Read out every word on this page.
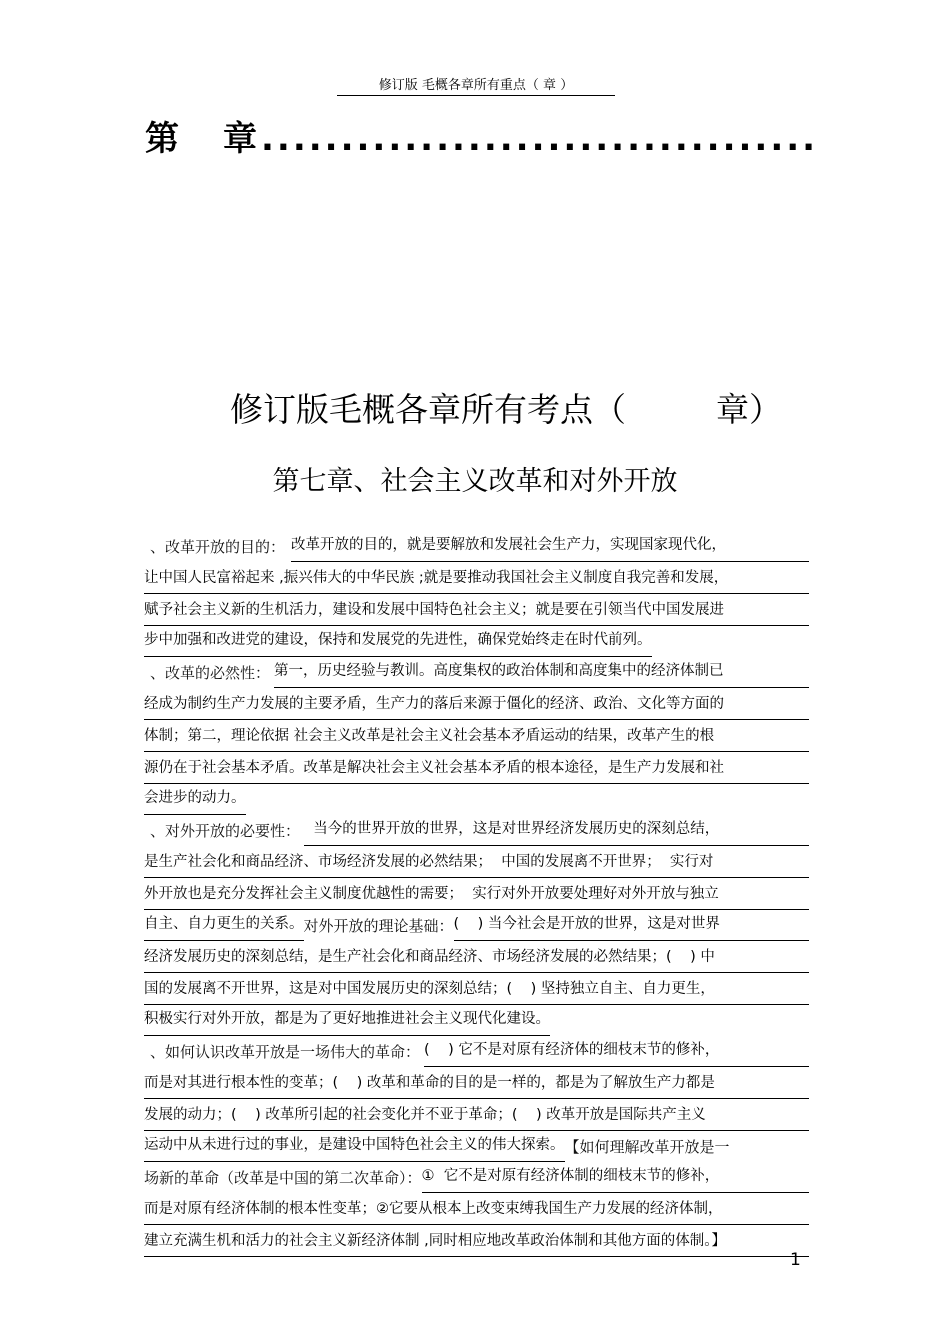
修订版 毛概各章所有重点（ 章 ）
第 章 ...................................
修订版毛概各章所有考点（	章）
第七章、社会主义改革和对外开放
、改革开放的目的： 改革开放的目的，就是要解放和发展社会生产力，实现国家现代化，
让中国人民富裕起来 ,振兴伟大的中华民族 ;就是要推动我国社会主义制度自我完善和发展，
赋予社会主义新的生机活力，建设和发展中国特色社会主义；就是要在引领当代中国发展进
步中加强和改进党的建设，保持和发展党的先进性，确保党始终走在时代前列。
、改革的必然性： 第一，历史经验与教训。高度集权的政治体制和高度集中的经济体制已
经成为制约生产力发展的主要矛盾，生产力的落后来源于僵化的经济、政治、文化等方面的
体制；第二，理论依据 社会主义改革是社会主义社会基本矛盾运动的结果，改革产生的根
源仍在于社会基本矛盾。改革是解决社会主义社会基本矛盾的根本途径，是生产力发展和社
会进步的动力。
、对外开放的必要性： 当今的世界开放的世界，这是对世界经济发展历史的深刻总结，
是生产社会化和商品经济、市场经济发展的必然结果；  中国的发展离不开世界；  实行对
外开放也是充分发挥社会主义制度优越性的需要；  实行对外开放要处理好对外开放与独立
自主、自力更生的关系。 对外开放的理论基础： (    ) 当今社会是开放的世界，这是对世界
经济发展历史的深刻总结，是生产社会化和商品经济、市场经济发展的必然结果；(    ) 中
国的发展离不开世界，这是对中国发展历史的深刻总结；(    ) 坚持独立自主、自力更生，
积极实行对外开放，都是为了更好地推进社会主义现代化建设。
、如何认识改革开放是一场伟大的革命： (    ) 它不是对原有经济体的细枝末节的修补，
而是对其进行根本性的变革；(    ) 改革和革命的目的是一样的，都是为了解放生产力都是
发展的动力；(    ) 改革所引起的社会变化并不亚于革命；(    ) 改革开放是国际共产主义
运动中从未进行过的事业，是建设中国特色社会主义的伟大探索。 【如何理解改革开放是一
场新的革命（改革是中国的第二次革命）： ①  它不是对原有经济体制的细枝末节的修补，
而是对原有经济体制的根本性变革；②它要从根本上改变束缚我国生产力发展的经济体制，
建立充满生机和活力的社会主义新经济体制 ,同时相应地改革政治体制和其他方面的体制。】
1
